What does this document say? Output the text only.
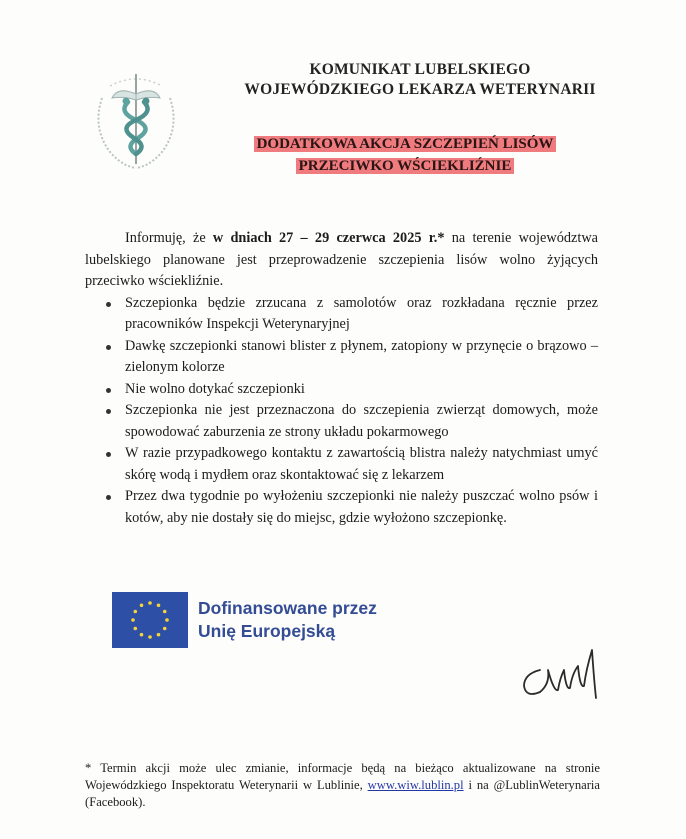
KOMUNIKAT LUBELSKIEGO
WOJEWÓDZKIEGO LEKARZA WETERYNARII
DODATKOWA AKCJA SZCZEPIEŃ LISÓW
PRZECIWKO WŚCIEKLIŹNIE

Informuję, że w dniach 27 – 29 czerwca 2025 r.* na terenie województwa lubelskiego planowane jest przeprowadzenie szczepienia lisów wolno żyjących przeciwko wściekliźnie.

Szczepionka będzie zrzucana z samolotów oraz rozkładana ręcznie przez pracowników Inspekcji Weterynaryjnej
Dawkę szczepionki stanowi blister z płynem, zatopiony w przynęcie o brązowo – zielonym kolorze
Nie wolno dotykać szczepionki
Szczepionka nie jest przeznaczona do szczepienia zwierząt domowych, może spowodować zaburzenia ze strony układu pokarmowego
W razie przypadkowego kontaktu z zawartością blistra należy natychmiast umyć skórę wodą i mydłem oraz skontaktować się z lekarzem
Przez dwa tygodnie po wyłożeniu szczepionki nie należy puszczać wolno psów i kotów, aby nie dostały się do miejsc, gdzie wyłożono szczepionkę.
Dofinansowane przez
Unię Europejską
* Termin akcji może ulec zmianie, informacje będą na bieżąco aktualizowane na stronie Wojewódzkiego Inspektoratu Weterynarii w Lublinie, www.wiw.lublin.pl i na @LublinWeterynaria (Facebook).
